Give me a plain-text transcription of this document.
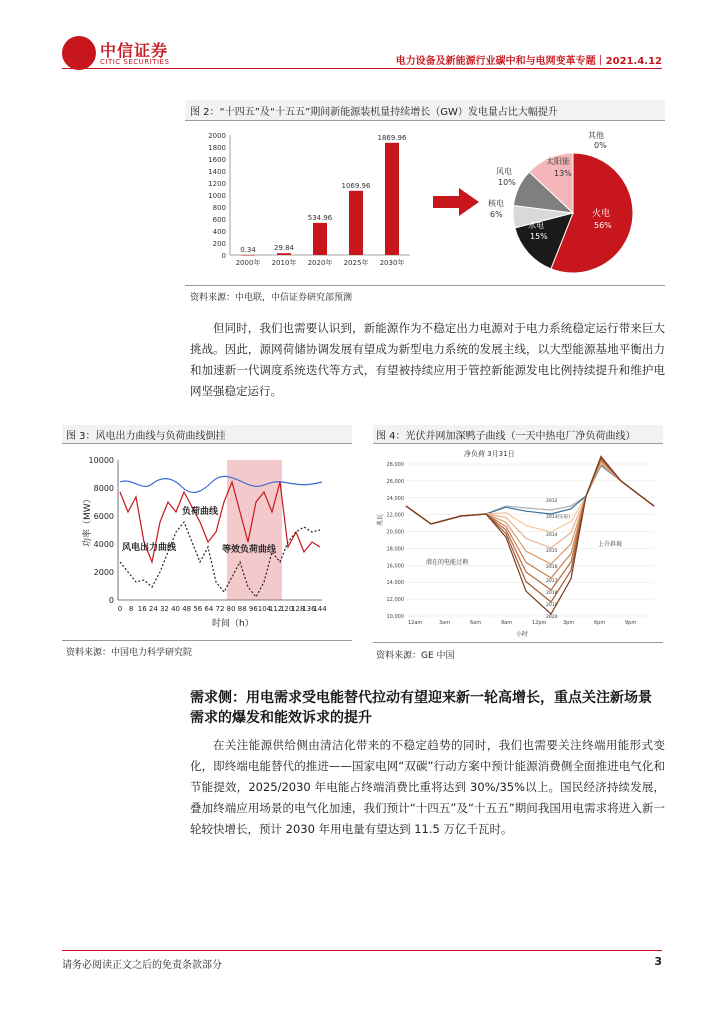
中信证券
CITIC SECURITIES	电力设备及新能源行业碳中和与电网变革专题｜2021.4.12
图 2：“十四五”及“十五五”期间新能源装机量持续增长（GW）发电量占比大幅提升
0
200
400
600
800
1000
1200
1400
1600
1800
2000
2000年 2010年 2020年 2025年 2030年
0.34	29.84
534.96
1069.96
1869.96	其他
0%
太阳能
13%
风电
10%
核电
6%
水电
15%
火电
56%
资料来源：中电联，中信证券研究部预测
但同时，我们也需要认识到，新能源作为不稳定出力电源对于电力系统稳定运行带来巨大挑战。因此，源网荷储协调发展有望成为新型电力系统的发展主线，以大型能源基地平衡出力和加速新一代调度系统迭代等方式，有望被持续应用于管控新能源发电比例持续提升和维护电网坚强稳定运行。
图 3：风电出力曲线与负荷曲线倒挂
0
2000
4000
6000
8000
10000
0 8 16 24 32 40 48 56 64 72 80 88 96 104
112
120
128
136
144
负荷曲线
风电出力曲线	等效负荷曲线
功率（MW）
时间（h）
资料来源：中国电力科学研究院
图 4：光伏并网加深鸭子曲线（一天中热电厂净负荷曲线）
净负荷 3月31日
10,000
12,000
14,000
16,000
18,000
20,000
22,000
24,000
26,000
28,000
12am	3am	6am	9am	12pm	3pm	6pm	9pm
2012
2013(实际)
2014
2015
2016
2017
2018
2019
2020
潜在的电能过剩
上升斜坡
兆瓦
小时
资料来源：GE 中国
需求侧：用电需求受电能替代拉动有望迎来新一轮高增长，重点关注新场景需求的爆发和能效诉求的提升
在关注能源供给侧由清洁化带来的不稳定趋势的同时，我们也需要关注终端用能形式变化，即终端电能替代的推进——国家电网“双碳”行动方案中预计能源消费侧全面推进电气化和节能提效，2025/2030 年电能占终端消费比重将达到 30%/35%以上。国民经济持续发展，叠加终端应用场景的电气化加速，我们预计“十四五”及“十五五”期间我国用电需求将进入新一轮较快增长，预计 2030 年用电量有望达到 11.5 万亿千瓦时。
请务必阅读正文之后的免责条款部分	3
